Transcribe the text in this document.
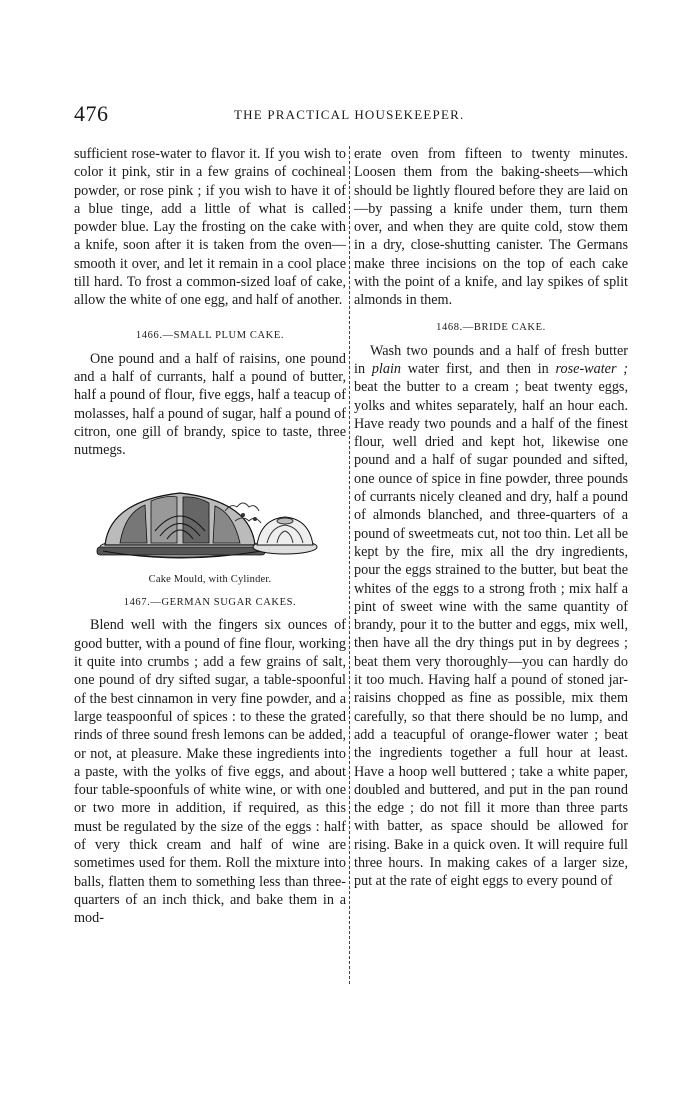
476	THE PRACTICAL HOUSEKEEPER.

sufficient rose-water to flavor it. If you wish to color it pink, stir in a few grains of cochineal powder, or rose pink ; if you wish to have it of a blue tinge, add a little of what is called powder blue. Lay the frosting on the cake with a knife, soon after it is taken from the oven—smooth it over, and let it remain in a cool place till hard. To frost a common-sized loaf of cake, allow the white of one egg, and half of another.

1466.—SMALL PLUM CAKE.

One pound and a half of raisins, one pound and a half of currants, half a pound of butter, half a pound of flour, five eggs, half a teacup of molasses, half a pound of sugar, half a pound of citron, one gill of brandy, spice to taste, three nutmegs.

Cake Mould, with Cylinder.
1467.—GERMAN SUGAR CAKES.

Blend well with the fingers six ounces of good butter, with a pound of fine flour, working it quite into crumbs ; add a few grains of salt, one pound of dry sifted sugar, a table-spoonful of the best cinnamon in very fine powder, and a large teaspoonful of spices : to these the grated rinds of three sound fresh lemons can be added, or not, at pleasure. Make these ingredients into a paste, with the yolks of five eggs, and about four table-spoonfuls of white wine, or with one or two more in addition, if required, as this must be regulated by the size of the eggs : half of very thick cream and half of wine are sometimes used for them. Roll the mixture into balls, flatten them to something less than three-quarters of an inch thick, and bake them in a mod-

erate oven from fifteen to twenty minutes. Loosen them from the baking-sheets—which should be lightly floured before they are laid on—by passing a knife under them, turn them over, and when they are quite cold, stow them in a dry, close-shutting canister. The Germans make three incisions on the top of each cake with the point of a knife, and lay spikes of split almonds in them.

1468.—BRIDE CAKE.

Wash two pounds and a half of fresh butter in plain water first, and then in rose-water ; beat the butter to a cream ; beat twenty eggs, yolks and whites separately, half an hour each. Have ready two pounds and a half of the finest flour, well dried and kept hot, likewise one pound and a half of sugar pounded and sifted, one ounce of spice in fine powder, three pounds of currants nicely cleaned and dry, half a pound of almonds blanched, and three-quarters of a pound of sweetmeats cut, not too thin. Let all be kept by the fire, mix all the dry ingredients, pour the eggs strained to the butter, but beat the whites of the eggs to a strong froth ; mix half a pint of sweet wine with the same quantity of brandy, pour it to the butter and eggs, mix well, then have all the dry things put in by degrees ; beat them very thoroughly—you can hardly do it too much. Having half a pound of stoned jar-raisins chopped as fine as possible, mix them carefully, so that there should be no lump, and add a teacupful of orange-flower water ; beat the ingredients together a full hour at least. Have a hoop well buttered ; take a white paper, doubled and buttered, and put in the pan round the edge ; do not fill it more than three parts with batter, as space should be allowed for rising. Bake in a quick oven. It will require full three hours. In making cakes of a larger size, put at the rate of eight eggs to every pound of
